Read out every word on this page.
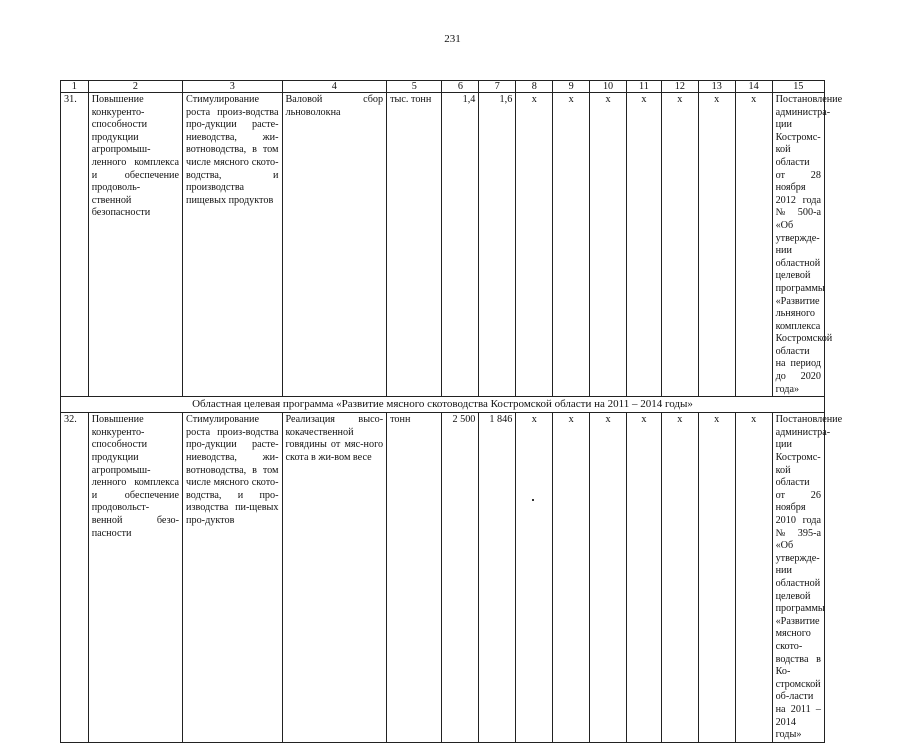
231
1	2	3	4	5	6	7	8	9	10	11	12	13	14	15
31.	Повышение конкуренто-способности продукции агропромыш-ленного комплекса и обеспечение продоволь-ственной безопасности	Стимулирование роста произ-водства про-дукции расте-ниеводства, жи-вотноводства, в том числе мясного ското-водства, и производства пищевых продуктов	Валовой сбор льноволокна	тыс. тонн	1,4	1,6	х	х	х	х	х	х	х	Постановление администра-ции Костромс-кой области от 28 ноября 2012 года № 500-а «Об утвержде-нии областной целевой программы «Развитие льняного комплекса Костромской области на период до 2020 года»
Областная целевая программа «Развитие мясного скотоводства Костромской области на 2011 – 2014 годы»														
32.	Повышение конкуренто-способности продукции агропромыш-ленного комплекса и обеспечение продовольст-венной безо-пасности	Стимулирование роста произ-водства про-дукции расте-ниеводства, жи-вотноводства, в том числе мясного ското-водства, и про-изводства пи-щевых про-дуктов	Реализация высо-кокачественной говядины от мяс-ного скота в жи-вом весе	тонн	2 500	1 846	х	х	х	х	х	х	х	Постановление администра-ции Костромс-кой области от 26 ноября 2010 года № 395-а «Об утвержде-нии областной целевой программы «Развитие мясного ското-водства в Ко-стромской об-ласти на 2011 – 2014 годы»
